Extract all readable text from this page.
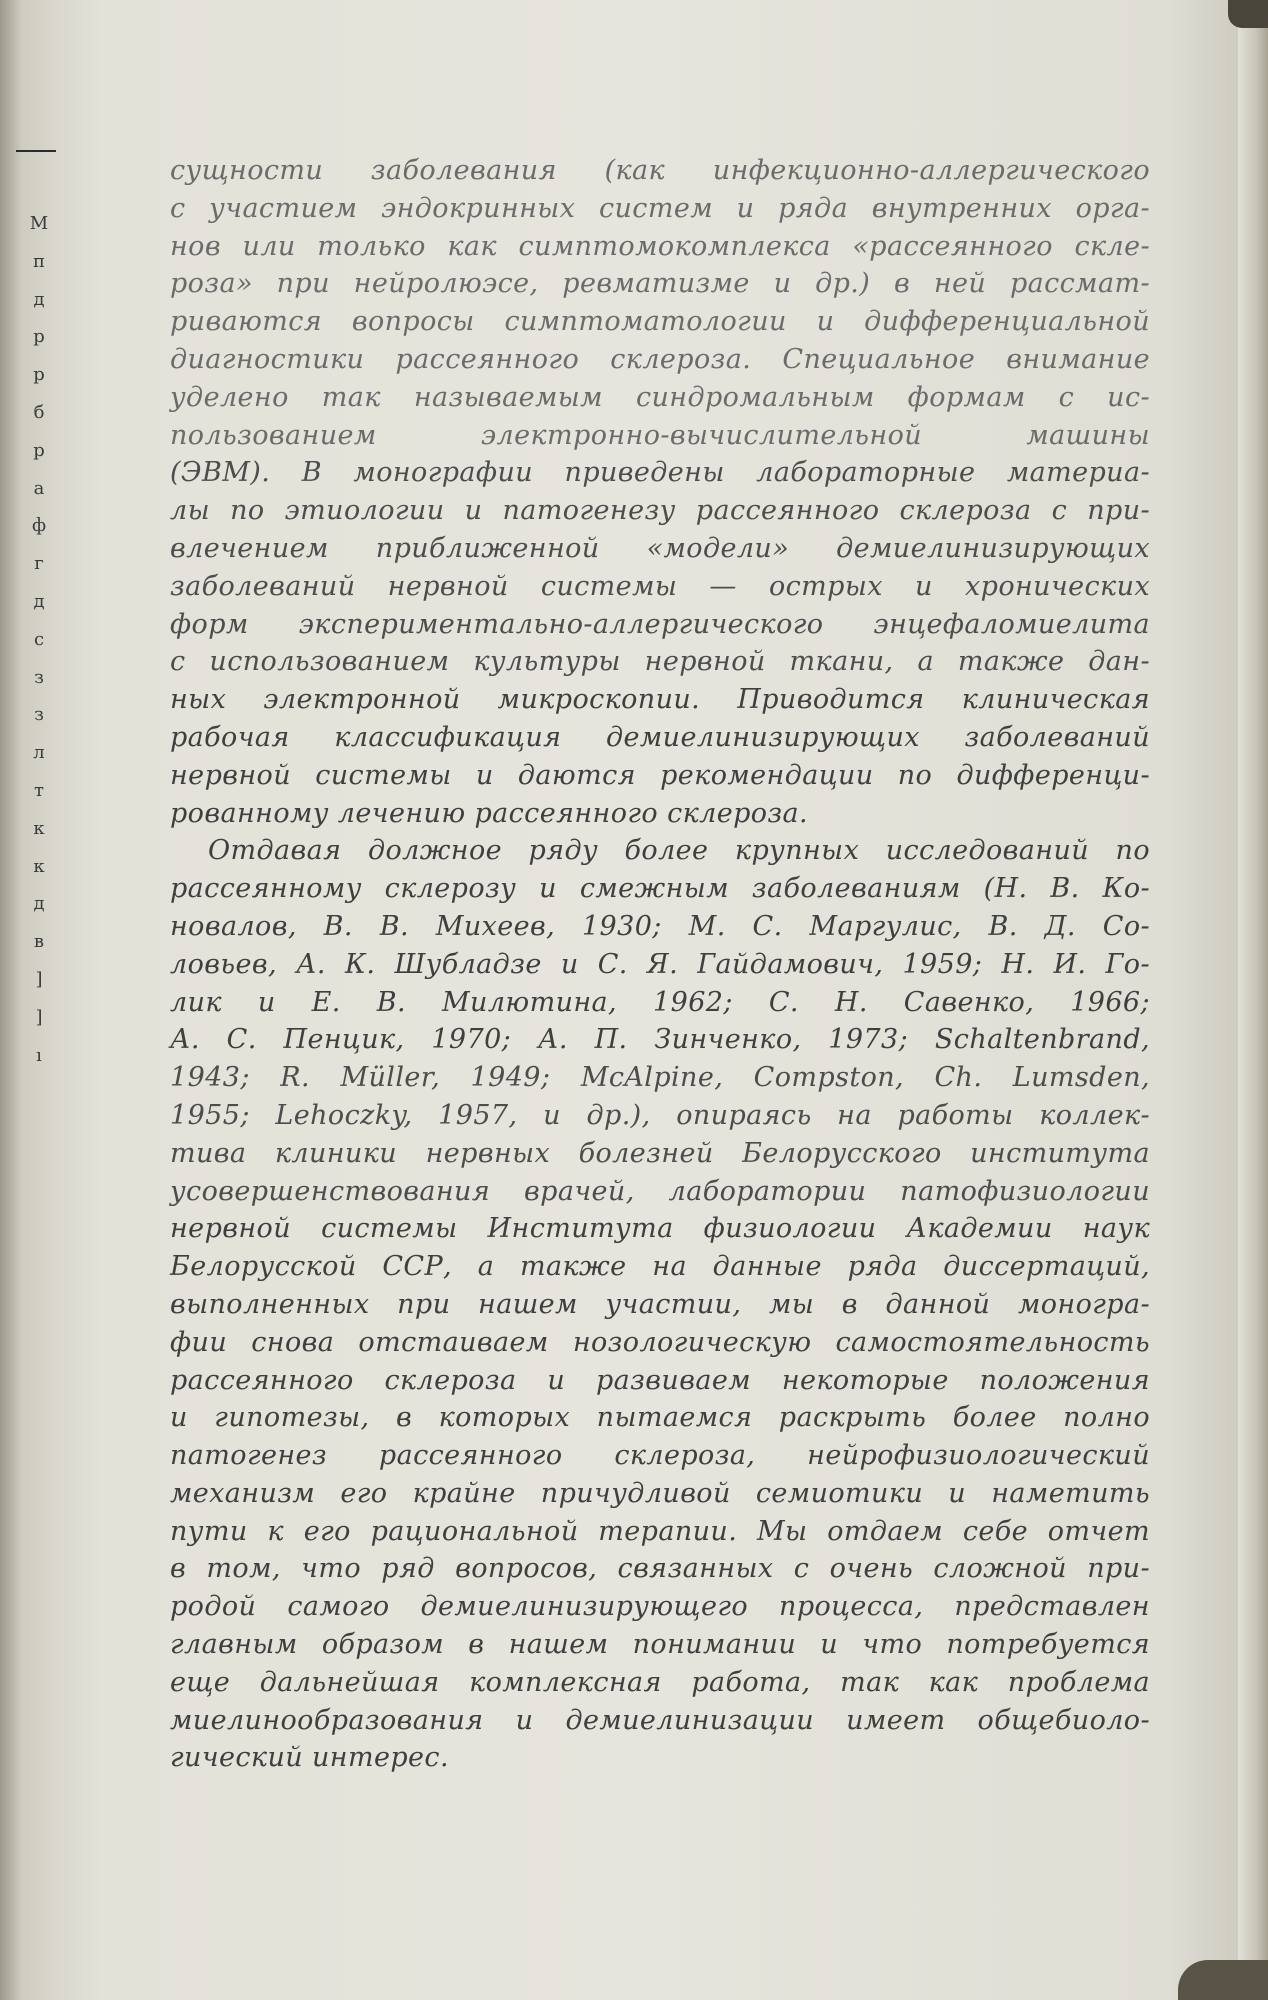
М
п
д
р
р
б
р
а
ф
г
д
с
з
з
л
т
к
к
д
в
]
]
ı
сущности заболевания (как инфекционно-аллергического
с участием эндокринных систем и ряда внутренних орга-
нов или только как симптомокомплекса «рассеянного скле-
роза» при нейролюэсе, ревматизме и др.) в ней рассмат-
риваются вопросы симптоматологии и дифференциальной
диагностики рассеянного склероза. Специальное внимание
уделено так называемым синдромальным формам с ис-
пользованием электронно-вычислительной машины
(ЭВМ). В монографии приведены лабораторные материа-
лы по этиологии и патогенезу рассеянного склероза с при-
влечением приближенной «модели» демиелинизирующих
заболеваний нервной системы — острых и хронических
форм экспериментально-аллергического энцефаломиелита
с использованием культуры нервной ткани, а также дан-
ных электронной микроскопии. Приводится клиническая
рабочая классификация демиелинизирующих заболеваний
нервной системы и даются рекомендации по дифференци-
рованному лечению рассеянного склероза.
Отдавая должное ряду более крупных исследований по
рассеянному склерозу и смежным заболеваниям (Н. В. Ко-
новалов, В. В. Михеев, 1930; М. С. Маргулис, В. Д. Со-
ловьев, А. К. Шубладзе и С. Я. Гайдамович, 1959; Н. И. Го-
лик и Е. В. Милютина, 1962; С. Н. Савенко, 1966;
А. С. Пенцик, 1970; А. П. Зинченко, 1973; Schaltenbrand,
1943; R. Müller, 1949; McAlpine, Compston, Ch. Lumsden,
1955; Lehoczky, 1957, и др.), опираясь на работы коллек-
тива клиники нервных болезней Белорусского института
усовершенствования врачей, лаборатории патофизиологии
нервной системы Института физиологии Академии наук
Белорусской ССР, а также на данные ряда диссертаций,
выполненных при нашем участии, мы в данной моногра-
фии снова отстаиваем нозологическую самостоятельность
рассеянного склероза и развиваем некоторые положения
и гипотезы, в которых пытаемся раскрыть более полно
патогенез рассеянного склероза, нейрофизиологический
механизм его крайне причудливой семиотики и наметить
пути к его рациональной терапии. Мы отдаем себе отчет
в том, что ряд вопросов, связанных с очень сложной при-
родой самого демиелинизирующего процесса, представлен
главным образом в нашем понимании и что потребуется
еще дальнейшая комплексная работа, так как проблема
миелинообразования и демиелинизации имеет общебиоло-
гический интерес.
